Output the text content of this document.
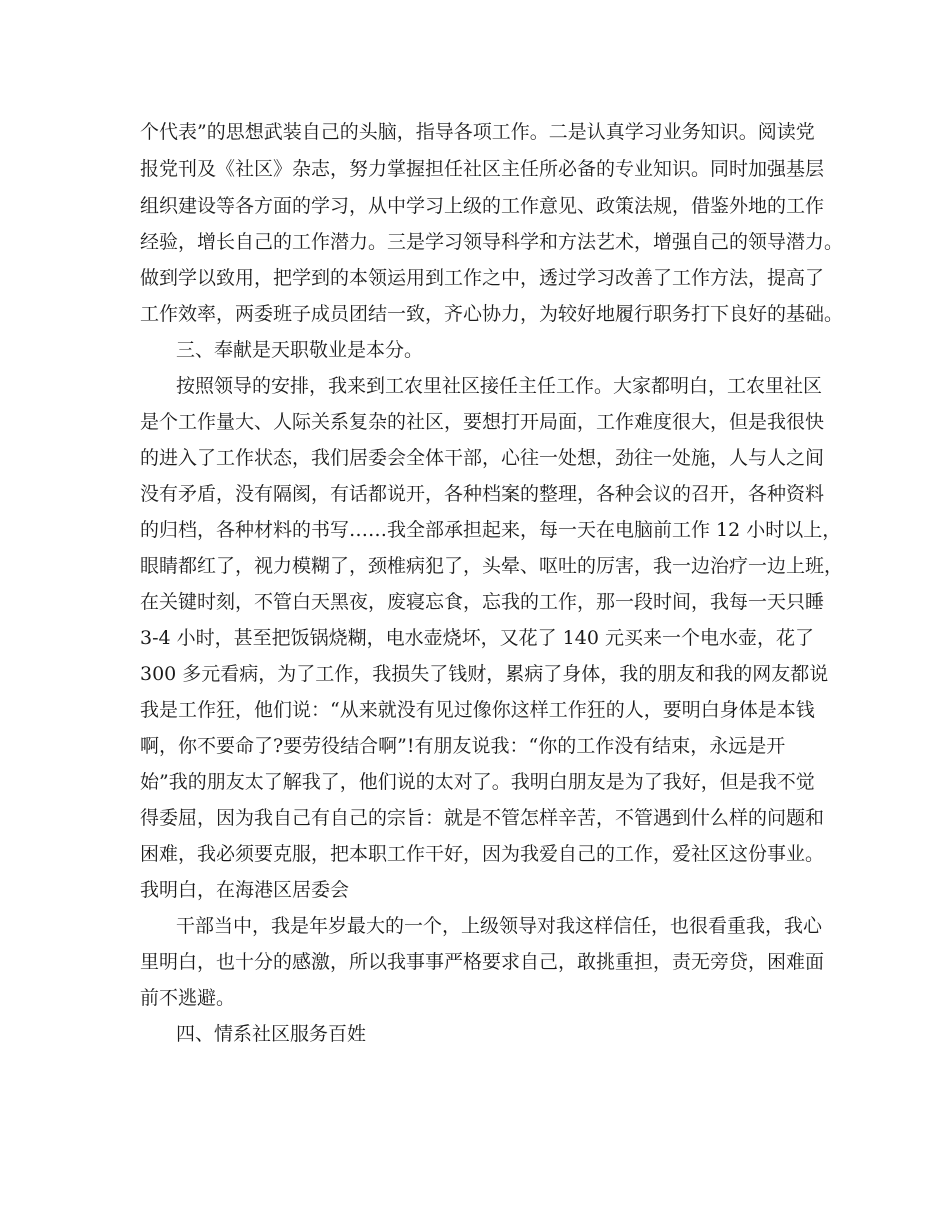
个代表”的思想武装自己的头脑，指导各项工作。二是认真学习业务知识。阅读党
报党刊及《社区》杂志，努力掌握担任社区主任所必备的专业知识。同时加强基层
组织建设等各方面的学习，从中学习上级的工作意见、政策法规，借鉴外地的工作
经验，增长自己的工作潜力。三是学习领导科学和方法艺术，增强自己的领导潜力。
做到学以致用，把学到的本领运用到工作之中，透过学习改善了工作方法，提高了
工作效率，两委班子成员团结一致，齐心协力，为较好地履行职务打下良好的基础。
三、奉献是天职敬业是本分。
按照领导的安排，我来到工农里社区接任主任工作。大家都明白，工农里社区
是个工作量大、人际关系复杂的社区，要想打开局面，工作难度很大，但是我很快
的进入了工作状态，我们居委会全体干部，心往一处想，劲往一处施，人与人之间
没有矛盾，没有隔阂，有话都说开，各种档案的整理，各种会议的召开，各种资料
的归档，各种材料的书写……我全部承担起来，每一天在电脑前工作 12 小时以上，
眼睛都红了，视力模糊了，颈椎病犯了，头晕、呕吐的厉害，我一边治疗一边上班，
在关键时刻，不管白天黑夜，废寝忘食，忘我的工作，那一段时间，我每一天只睡
3-4 小时，甚至把饭锅烧糊，电水壶烧坏，又花了 140 元买来一个电水壶，花了
300 多元看病，为了工作，我损失了钱财，累病了身体，我的朋友和我的网友都说
我是工作狂，他们说：“从来就没有见过像你这样工作狂的人，要明白身体是本钱
啊，你不要命了?要劳役结合啊”!有朋友说我：“你的工作没有结束，永远是开
始”我的朋友太了解我了，他们说的太对了。我明白朋友是为了我好，但是我不觉
得委屈，因为我自己有自己的宗旨：就是不管怎样辛苦，不管遇到什么样的问题和
困难，我必须要克服，把本职工作干好，因为我爱自己的工作，爱社区这份事业。
我明白，在海港区居委会
干部当中，我是年岁最大的一个，上级领导对我这样信任，也很看重我，我心
里明白，也十分的感激，所以我事事严格要求自己，敢挑重担，责无旁贷，困难面
前不逃避。
四、情系社区服务百姓
